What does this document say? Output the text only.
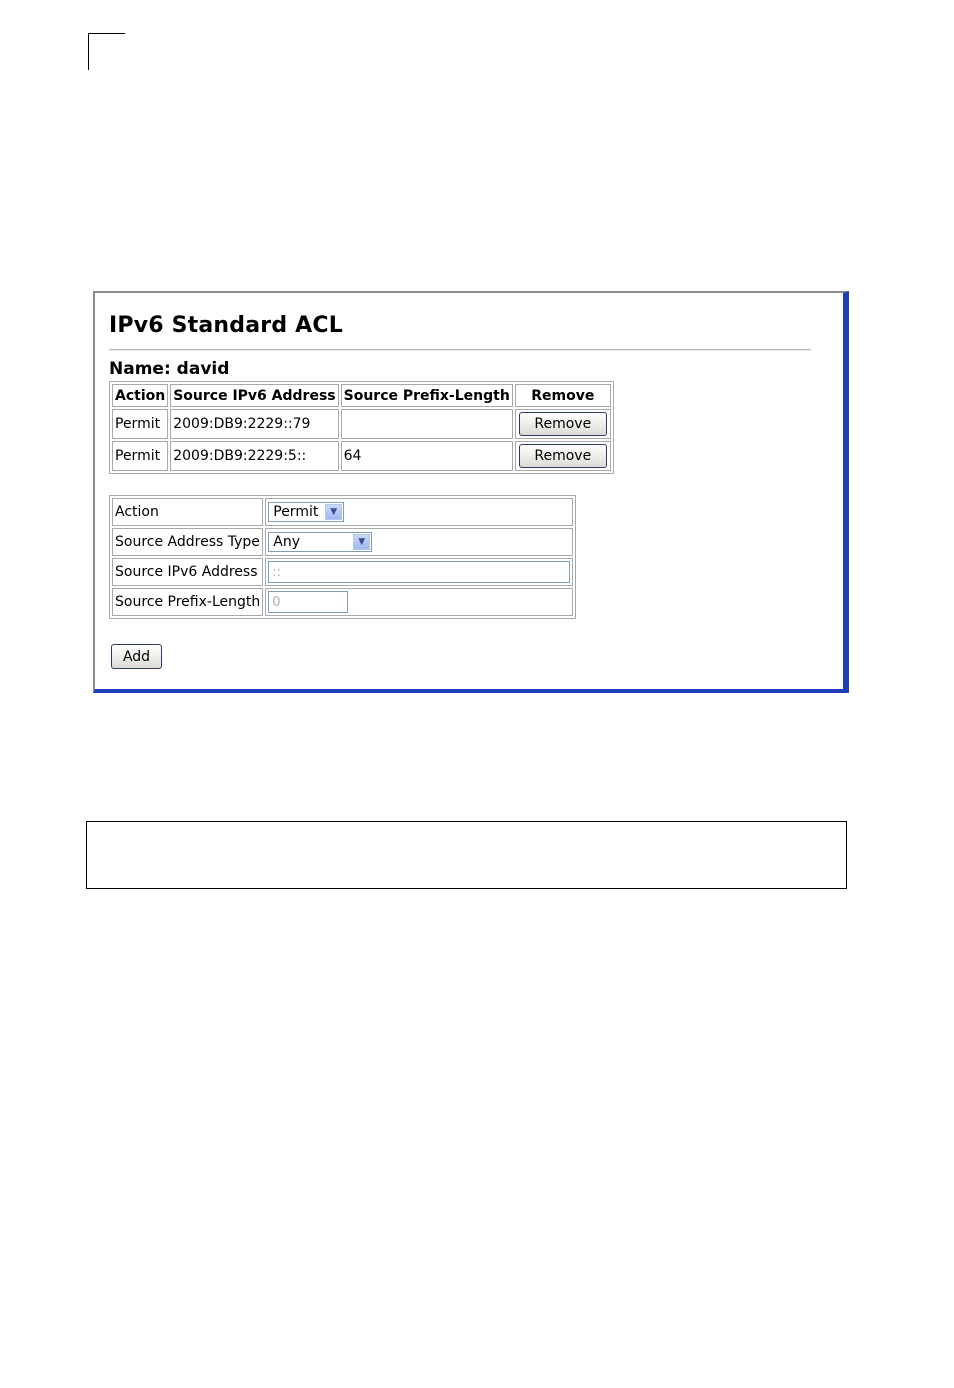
IPv6 Standard ACL
Name: david
Action	Source IPv6 Address	Source Prefix-Length	Remove
Permit	2009:DB9:2229::79		Remove

Permit	2009:DB9:2229:5::	64	Remove
Action	Permit ▼

Source Address Type	Any ▼

Source IPv6 Address	::
Source Prefix-Length	0
Add
